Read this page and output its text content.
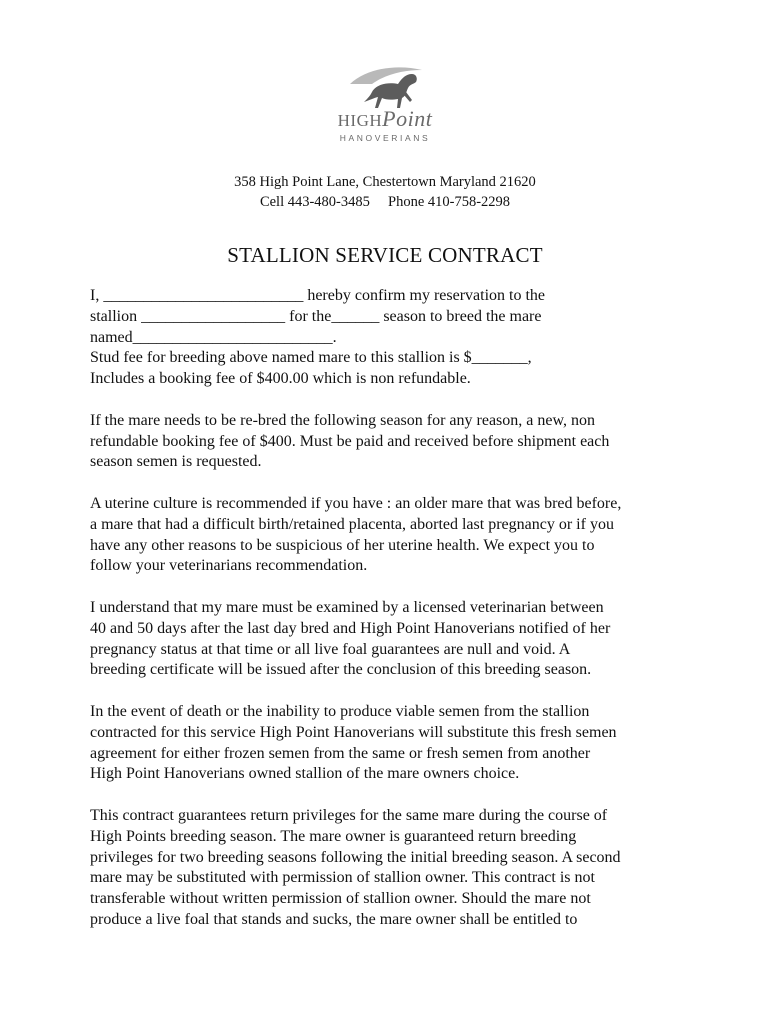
HIGHPoint
HANOVERIANS
358 High Point Lane, Chestertown Maryland 21620
Cell 443-480-3485     Phone 410-758-2298
STALLION SERVICE CONTRACT

I, _________________________ hereby confirm my reservation to the
stallion __________________ for the______ season to breed the mare
named_________________________.
Stud fee for breeding above named mare to this stallion is $_______,
Includes a booking fee of $400.00 which is non refundable.

If the mare needs to be re-bred the following season for any reason, a new, non
refundable booking fee of $400. Must be paid and received before shipment each
season semen is requested.

A uterine culture is recommended if you have : an older mare that was bred before,
a mare that had a difficult birth/retained placenta, aborted last pregnancy or if you
have any other reasons to be suspicious of her uterine health. We expect you to
follow your veterinarians recommendation.

I understand that my mare must be examined by a licensed veterinarian between
40 and 50 days after the last day bred and High Point Hanoverians notified of her
pregnancy status at that time or all live foal guarantees are null and void. A
breeding certificate will be issued after the conclusion of this breeding season.

In the event of death or the inability to produce viable semen from the stallion
contracted for this service High Point Hanoverians will substitute this fresh semen
agreement for either frozen semen from the same or fresh semen from another
High Point Hanoverians owned stallion of the mare owners choice.

This contract guarantees return privileges for the same mare during the course of
High Points breeding season. The mare owner is guaranteed return breeding
privileges for two breeding seasons following the initial breeding season. A second
mare may be substituted with permission of stallion owner. This contract is not
transferable without written permission of stallion owner. Should the mare not
produce a live foal that stands and sucks, the mare owner shall be entitled to
